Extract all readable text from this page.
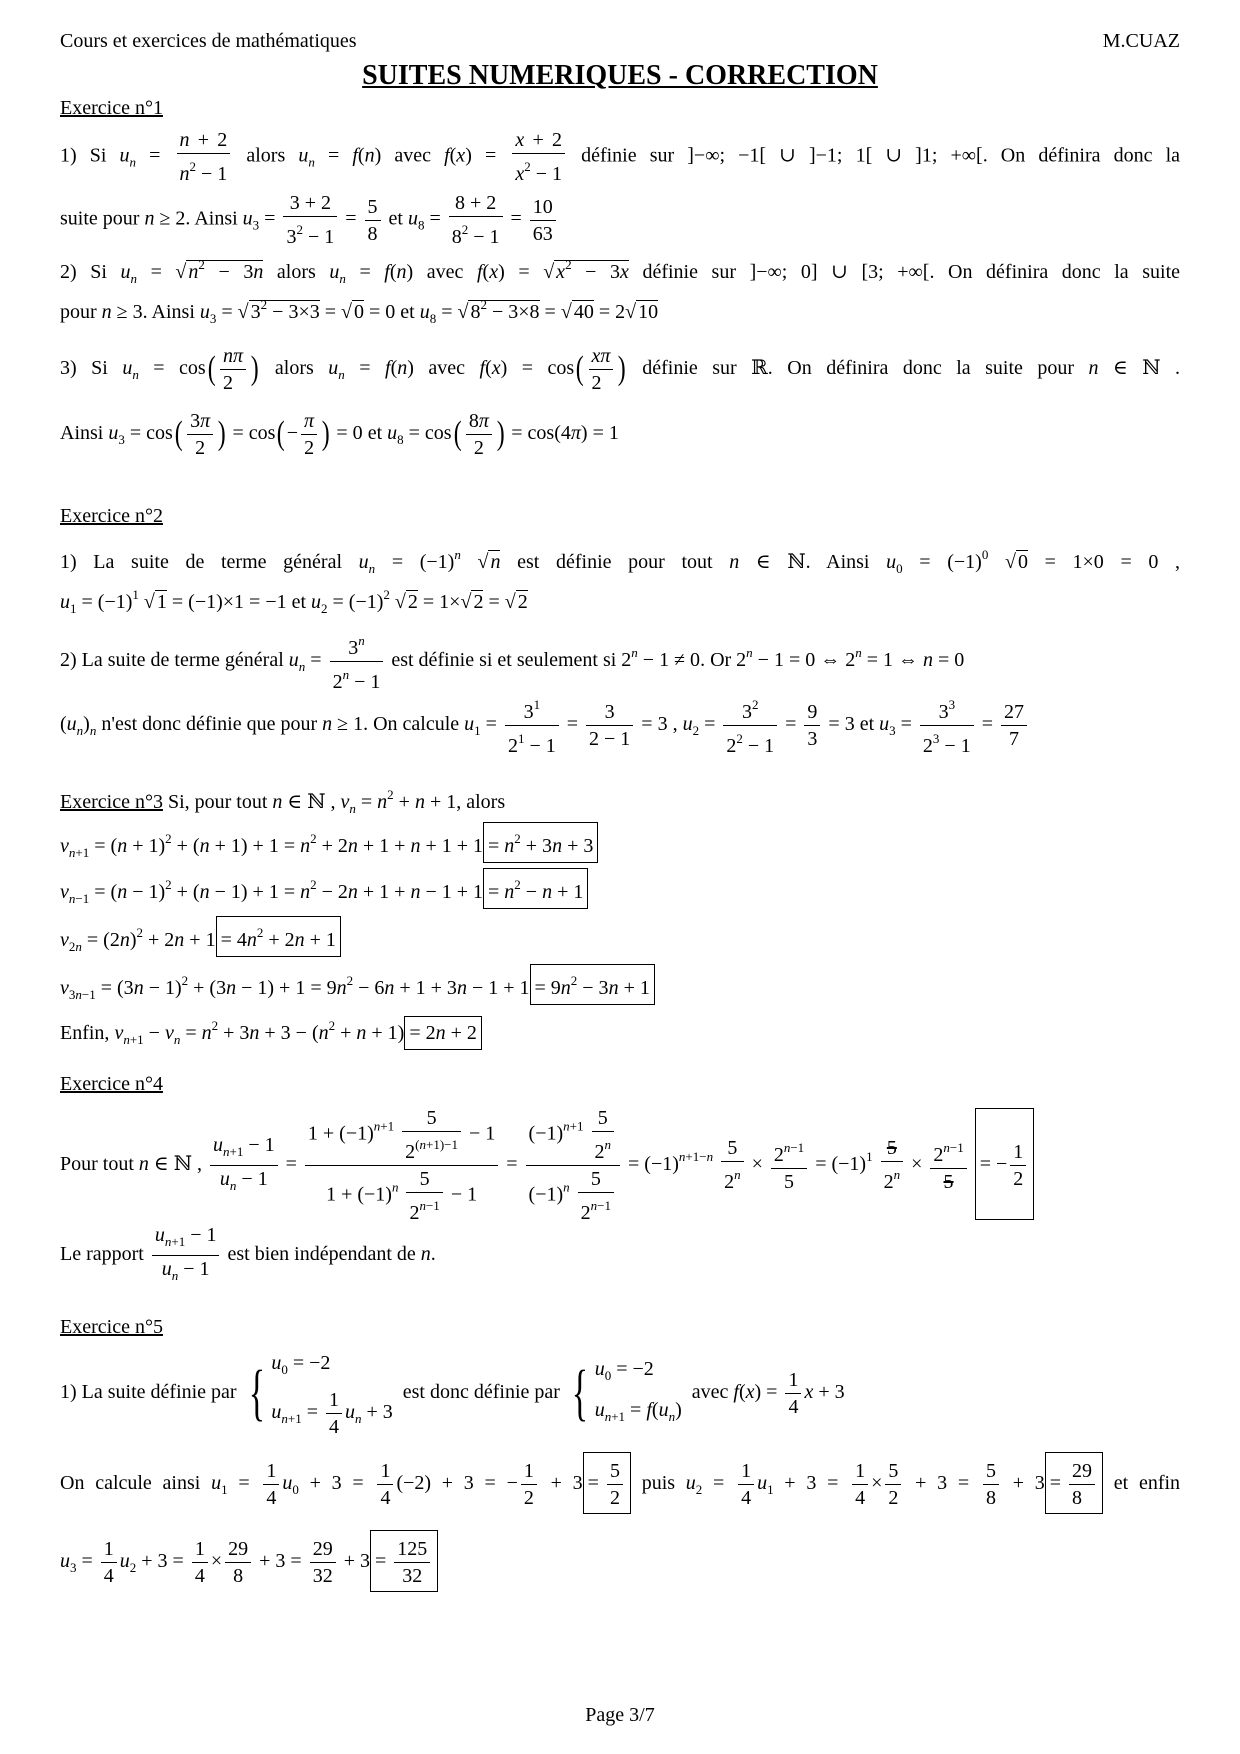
Cours et exercices de mathématiques	M.CUAZ
SUITES NUMERIQUES - CORRECTION
Exercice n°1
1) Si $u_n = \frac{n + 2}{n^2 - 1}$ alors $u_n = f(n)$ avec $f(x) = \frac{x + 2}{x^2 - 1}$ définie sur ]−∞; −1[ ∪ ]−1; 1[ ∪ ]1; +∞[. On définira donc la
suite pour n ≥ 2. Ainsi $u_3 = \frac{3 + 2}{3^2 - 1} = \frac{5}{8}$ et $u_8 = \frac{8 + 2}{8^2 - 1} = \frac{10}{63}$
2) Si $u_n$ = √ $n^2 - 3n$ alors $u_n = f(n)$ avec f(x) = √ $x^2 - 3x$ définie sur ]−∞; 0] ∪ [3; +∞[. On définira donc la suite
pour n ≥ 3. Ainsi $u_3$ = √ $3^2 - 3\times 3$ = √ 0 = 0 et $u_8$ = √ $8^2 - 3\times 8$ = √ 40 = 2√ 10
3) Si $u_n = \cos( \frac{n\pi}{2}$ ) alors $u_n = f(n)$ avec $f(x) = \cos( \frac{x\pi}{2}$ ) définie sur ℝ. On définira donc la suite pour n ∈ ℕ .
Ainsi $u_3 = \cos( \frac{3\pi}{2}$ ) = $\cos(- \frac{\pi}{2}$ ) = 0 et $u_8 = \cos( \frac{8\pi}{2}$ ) = cos(4π) = 1
Exercice n°2
1) La suite de terme général $u_n = (-1)^n$ √ n est définie pour tout n ∈ ℕ. Ainsi $u_0 = (-1)^0$ √ 0 = 1×0 = 0 ,
$u_1 = (-1)^1$ √ 1 = (−1)×1 = −1 et $u_2 = (-1)^2$ √ 2 = 1×√ 2 = √ 2
2) La suite de terme général $u_n = \frac{3^n}{2^n - 1}$ est définie si et seulement si $2^n - 1 \ne 0$. Or $2^n - 1 = 0$ ⇔ $2^n = 1$ ⇔ n = 0
$(u_n)_n$ n'est donc définie que pour n ≥ 1. On calcule $u_1 = \frac{3^1}{2^1 - 1} = \frac{3}{2 - 1} = 3$ , $u_2 = \frac{3^2}{2^2 - 1} = \frac{9}{3} = 3$ et $u_3 = \frac{3^3}{2^3 - 1} = \frac{27}{7}$
Exercice n°3 Si, pour tout n ∈ ℕ , $v_n = n^2 + n + 1$, alors
$v_{n+1} = (n + 1)^2 + (n + 1) + 1 = n^2 + 2n + 1 + n + 1 + 1 = n^2 + 3n + 3$
$v_{n-1} = (n - 1)^2 + (n - 1) + 1 = n^2 - 2n + 1 + n - 1 + 1 = n^2 - n + 1$
$v_{2n} = (2n)^2 + 2n + 1 = 4n^2 + 2n + 1$
$v_{3n-1} = (3n - 1)^2 + (3n - 1) + 1 = 9n^2 - 6n + 1 + 3n - 1 + 1 = 9n^2 - 3n + 1$
Enfin, $v_{n+1} - v_n = n^2 + 3n + 3 - (n^2 + n + 1) = 2n + 2$
Exercice n°4
Pour tout n ∈ ℕ , $\frac{u_{n+1} - 1}{u_n - 1} = \frac{1 + (-1)^{n+1} \frac{5}{2^{(n+1)-1}} - 1}{1 + (-1)^n \frac{5}{2^{n-1}} - 1} = \frac{(-1)^{n+1} \frac{5}{2^n}}{(-1)^n \frac{5}{2^{n-1}}} = (-1)^{n+1-n} \frac{5}{2^n} \times \frac{2^{n-1}}{5} = (-1)^1 \frac{5}{2^n} \times \frac{2^{n-1}}{5}$ = − $\frac{1}{2}$
Le rapport $\frac{u_{n+1} - 1}{u_n - 1}$ est bien indépendant de n.
Exercice n°5
1) La suite définie par { $u_0 = -2$
$u_{n+1} = \frac{1}{4} u_n + 3$
est donc définie par { $u_0 = -2$
$u_{n+1} = f(u_n)$
avec $f(x) = \frac{1}{4}$ x + 3
On calcule ainsi $u_1 = \frac{1}{4} u_0 + 3 = \frac{1}{4} (-2) + 3$ = − $\frac{1}{2} + 3 = \frac{5}{2}$ puis $u_2 = \frac{1}{4} u_1 + 3 = \frac{1}{4} \times \frac{5}{2} + 3 = \frac{5}{8} + 3 = \frac{29}{8}$ et enfin
$u_3 = \frac{1}{4} u_2 + 3 = \frac{1}{4} \times \frac{29}{8} + 3 = \frac{29}{32} + 3 = \frac{125}{32}$
Page 3/7
